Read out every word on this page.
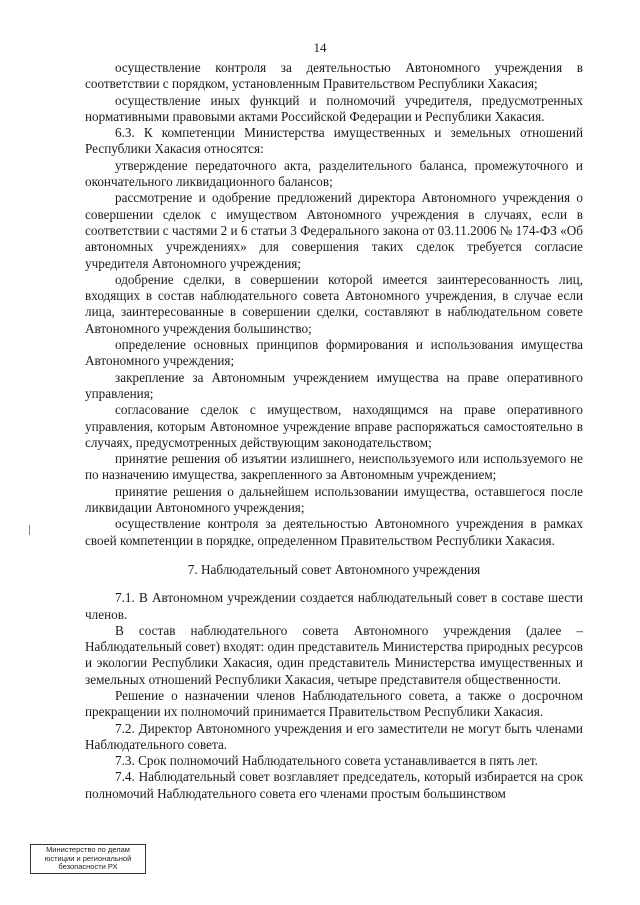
14

осуществление контроля за деятельностью Автономного учреждения в соответствии с порядком, установленным Правительством Республики Хакасия;

осуществление иных функций и полномочий учредителя, предусмотренных нормативными правовыми актами Российской Федерации и Республики Хакасия.

6.3. К компетенции Министерства имущественных и земельных отношений Республики Хакасия относятся:

утверждение передаточного акта, разделительного баланса, промежуточного и окончательного ликвидационного балансов;

рассмотрение и одобрение предложений директора Автономного учреждения о совершении сделок с имуществом Автономного учреждения в случаях, если в соответствии с частями 2 и 6 статьи 3 Федерального закона от 03.11.2006 № 174-ФЗ «Об автономных учреждениях» для совершения таких сделок требуется согласие учредителя Автономного учреждения;

одобрение сделки, в совершении которой имеется заинтересованность лиц, входящих в состав наблюдательного совета Автономного учреждения, в случае если лица, заинтересованные в совершении сделки, составляют в наблюдательном совете Автономного учреждения большинство;

определение основных принципов формирования и использования имущества Автономного учреждения;

закрепление за Автономным учреждением имущества на праве оперативного управления;

согласование сделок с имуществом, находящимся на праве оперативного управления, которым Автономное учреждение вправе распоряжаться самостоятельно в случаях, предусмотренных действующим законодательством;

принятие решения об изъятии излишнего, неиспользуемого или используемого не по назначению имущества, закрепленного за Автономным учреждением;

принятие решения о дальнейшем использовании имущества, оставшегося после ликвидации Автономного учреждения;

осуществление контроля за деятельностью Автономного учреждения в рамках своей компетенции в порядке, определенном Правительством Республики Хакасия.

7. Наблюдательный совет Автономного учреждения

7.1. В Автономном учреждении создается наблюдательный совет в составе шести членов.

В состав наблюдательного совета Автономного учреждения (далее – Наблюдательный совет) входят: один представитель Министерства природных ресурсов и экологии Республики Хакасия, один представитель Министерства имущественных и земельных отношений Республики Хакасия, четыре представителя общественности.

Решение о назначении членов Наблюдательного совета, а также о досрочном прекращении их полномочий принимается Правительством Республики Хакасия.

7.2. Директор Автономного учреждения и его заместители не могут быть членами Наблюдательного совета.

7.3. Срок полномочий Наблюдательного совета устанавливается в пять лет.

7.4. Наблюдательный совет возглавляет председатель, который избирается на срок полномочий Наблюдательного совета его членами простым большинством

Министерство по делам
юстиции и региональной
безопасности РХ
